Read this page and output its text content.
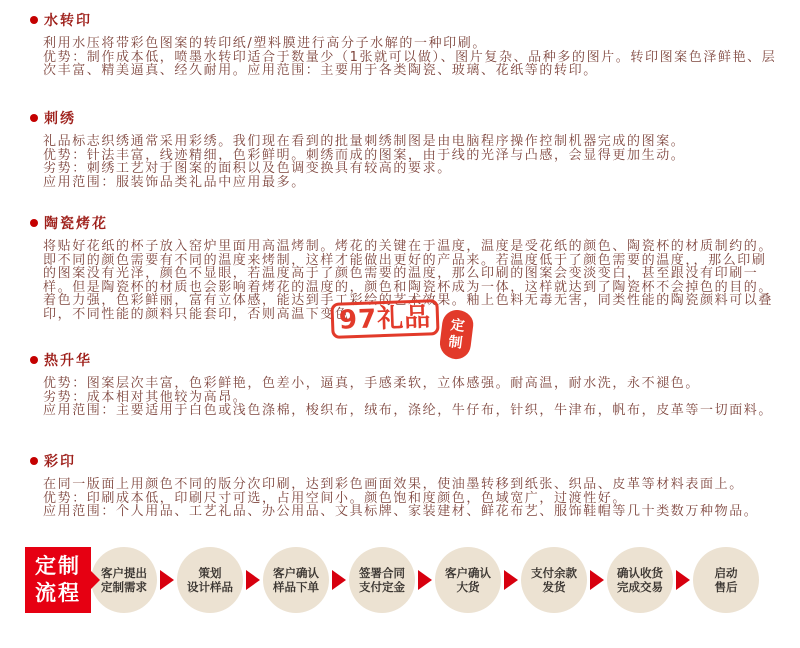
水转印

利用水压将带彩色图案的转印纸/塑料膜进行高分子水解的一种印刷。

优势：制作成本低，喷墨水转印适合于数量少（1张就可以做）、图片复杂、品种多的图片。转印图案色泽鲜艳、层次丰富、精美逼真、经久耐用。应用范围：主要用于各类陶瓷、玻璃、花纸等的转印。

刺绣

礼品标志织绣通常采用彩绣。我们现在看到的批量刺绣制图是由电脑程序操作控制机器完成的图案。

优势：针法丰富，线迹精细，色彩鲜明。刺绣而成的图案，由于线的光泽与凸感，会显得更加生动。

劣势：刺绣工艺对于图案的面积以及色调变换具有较高的要求。

应用范围：服装饰品类礼品中应用最多。

陶瓷烤花

将贴好花纸的杯子放入窑炉里面用高温烤制。烤花的关键在于温度，温度是受花纸的颜色、陶瓷杯的材质制约的。即不同的颜色需要有不同的温度来烤制，这样才能做出更好的产品来。若温度低于了颜色需要的温度，，那么印刷的图案没有光泽，颜色不显眼，若温度高于了颜色需要的温度，那么印刷的图案会变淡变白，甚至跟没有印刷一样。但是陶瓷杯的材质也会影响着烤花的温度的，颜色和陶瓷杯成为一体，这样就达到了陶瓷杯不会掉色的目的。着色力强，色彩鲜丽，富有立体感，能达到手工彩绘的艺术效果。釉上色料无毒无害，同类性能的陶瓷颜料可以叠印，不同性能的颜料只能套印，否则高温下变色。

热升华

优势：图案层次丰富，色彩鲜艳，色差小，逼真，手感柔软，立体感强。耐高温，耐水洗，永不褪色。

劣势：成本相对其他较为高昂。

应用范围：主要适用于白色或浅色涤棉，梭织布，绒布，涤纶，牛仔布，针织，牛津布，帆布，皮革等一切面料。

彩印

在同一版面上用颜色不同的版分次印刷，达到彩色画面效果，使油墨转移到纸张、织品、皮革等材料表面上。

优势：印刷成本低，印刷尺寸可选，占用空间小。颜色饱和度颜色，色域宽广，过渡性好。

应用范围：个人用品、工艺礼品、办公用品、文具标牌、家装建材、鲜花布艺、服饰鞋帽等几十类数万种物品。

97礼品	定
制
定制
流程
客户提出
定制需求
策划
设计样品
客户确认
样品下单
签署合同
支付定金
客户确认
大货
支付余款
发货
确认收货
完成交易
启动
售后
